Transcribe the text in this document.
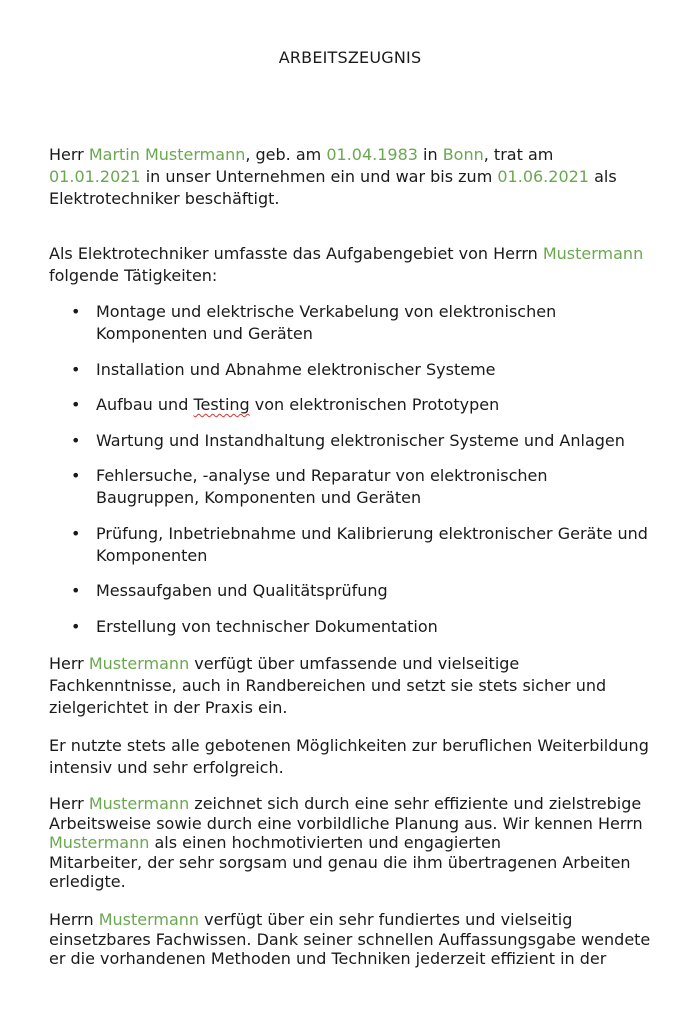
ARBEITSZEUGNIS

Herr Martin Mustermann, geb. am 01.04.1983 in Bonn, trat am
01.01.2021 in unser Unternehmen ein und war bis zum 01.06.2021 als
Elektrotechniker beschäftigt.

Als Elektrotechniker umfasste das Aufgabengebiet von Herrn Mustermann
folgende Tätigkeiten:

• Montage und elektrische Verkabelung von elektronischen
Komponenten und Geräten
• Installation und Abnahme elektronischer Systeme
• Aufbau und Testing von elektronischen Prototypen
• Wartung und Instandhaltung elektronischer Systeme und Anlagen
• Fehlersuche, -analyse und Reparatur von elektronischen
Baugruppen, Komponenten und Geräten
• Prüfung, Inbetriebnahme und Kalibrierung elektronischer Geräte und
Komponenten
• Messaufgaben und Qualitätsprüfung
• Erstellung von technischer Dokumentation

Herr Mustermann verfügt über umfassende und vielseitige
Fachkenntnisse, auch in Randbereichen und setzt sie stets sicher und
zielgerichtet in der Praxis ein.

Er nutzte stets alle gebotenen Möglichkeiten zur beruflichen Weiterbildung
intensiv und sehr erfolgreich.

Herr Mustermann zeichnet sich durch eine sehr effiziente und zielstrebige
Arbeitsweise sowie durch eine vorbildliche Planung aus. Wir kennen Herrn
Mustermann als einen hochmotivierten und engagierten
Mitarbeiter, der sehr sorgsam und genau die ihm übertragenen Arbeiten
erledigte.

Herrn Mustermann verfügt über ein sehr fundiertes und vielseitig
einsetzbares Fachwissen. Dank seiner schnellen Auffassungsgabe wendete
er die vorhandenen Methoden und Techniken jederzeit effizient in der
